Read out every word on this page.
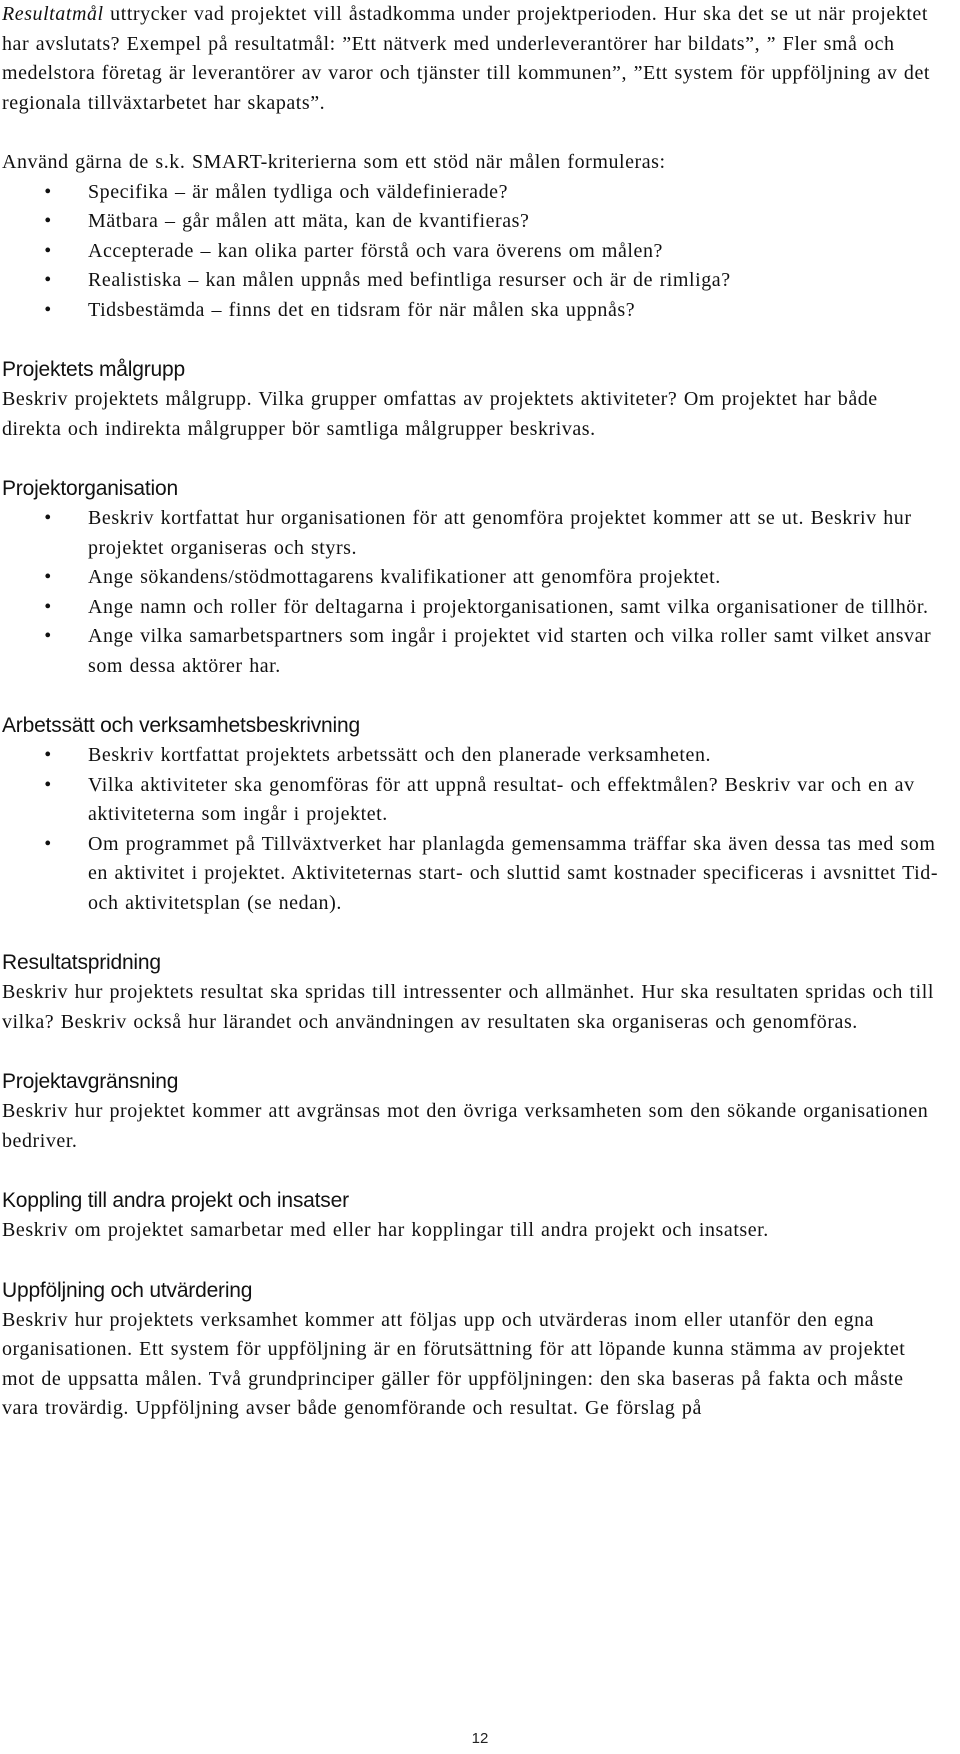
Resultatmål uttrycker vad projektet vill åstadkomma under projektperioden. Hur ska det se ut när projektet har avslutats? Exempel på resultatmål: ”Ett nätverk med underleverantörer har bildats”, ” Fler små och medelstora företag är leverantörer av varor och tjänster till kommunen”, ”Ett system för uppföljning av det regionala tillväxtarbetet har skapats”.

Använd gärna de s.k. SMART-kriterierna som ett stöd när målen formuleras:

•	Specifika – är målen tydliga och väldefinierade?
•	Mätbara – går målen att mäta, kan de kvantifieras?
•	Accepterade – kan olika parter förstå och vara överens om målen?
•	Realistiska – kan målen uppnås med befintliga resurser och är de rimliga?
•	Tidsbestämda – finns det en tidsram för när målen ska uppnås?
Projektets målgrupp

Beskriv projektets målgrupp. Vilka grupper omfattas av projektets aktiviteter? Om projektet har både direkta och indirekta målgrupper bör samtliga målgrupper beskrivas.

Projektorganisation
•	Beskriv kortfattat hur organisationen för att genomföra projektet kommer att se ut. Beskriv hur projektet organiseras och styrs.
•	Ange sökandens/stödmottagarens kvalifikationer att genomföra projektet.
•	Ange namn och roller för deltagarna i projektorganisationen, samt vilka organisationer de tillhör.
•	Ange vilka samarbetspartners som ingår i projektet vid starten och vilka roller samt vilket ansvar som dessa aktörer har.
Arbetssätt och verksamhetsbeskrivning
•	Beskriv kortfattat projektets arbetssätt och den planerade verksamheten.
•	Vilka aktiviteter ska genomföras för att uppnå resultat- och effektmålen? Beskriv var och en av aktiviteterna som ingår i projektet.
•	Om programmet på Tillväxtverket har planlagda gemensamma träffar ska även dessa tas med som en aktivitet i projektet. Aktiviteternas start- och sluttid samt kostnader specificeras i avsnittet Tid- och aktivitetsplan (se nedan).
Resultatspridning

Beskriv hur projektets resultat ska spridas till intressenter och allmänhet. Hur ska resultaten spridas och till vilka? Beskriv också hur lärandet och användningen av resultaten ska organiseras och genomföras.

Projektavgränsning

Beskriv hur projektet kommer att avgränsas mot den övriga verksamheten som den sökande organisationen bedriver.

Koppling till andra projekt och insatser

Beskriv om projektet samarbetar med eller har kopplingar till andra projekt och insatser.

Uppföljning och utvärdering

Beskriv hur projektets verksamhet kommer att följas upp och utvärderas inom eller utanför den egna organisationen. Ett system för uppföljning är en förutsättning för att löpande kunna stämma av projektet mot de uppsatta målen. Två grundprinciper gäller för uppföljningen: den ska baseras på fakta och måste vara trovärdig. Uppföljning avser både genomförande och resultat. Ge förslag på

12
